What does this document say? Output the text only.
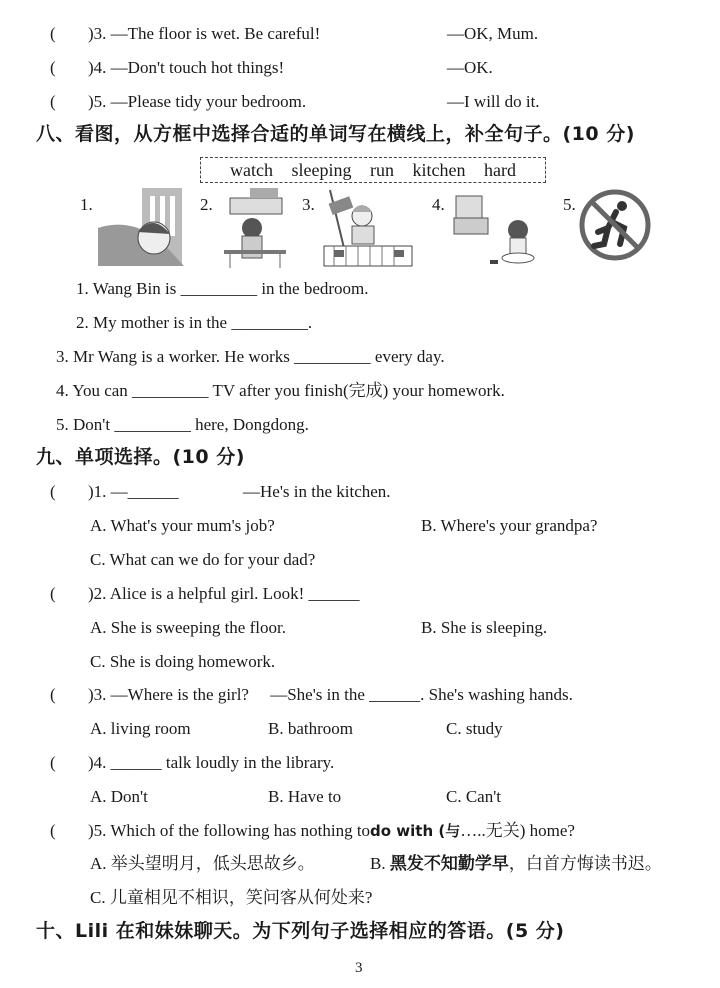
( )3. —The floor is wet. Be careful!	—OK, Mum.
( )4. —Don't touch hot things!	—OK.
( )5. —Please tidy your bedroom.	—I will do it.
八、看图，从方框中选择合适的单词写在横线上，补全句子。(10 分)
watch sleeping run kitchen hard
1.	2.	3.	4.	5.
1. Wang Bin is _________ in the bedroom.
2. My mother is in the _________.
3. Mr Wang is a worker. He works _________ every day.
4. You can _________ TV after you finish(完成) your homework.
5. Don't _________ here, Dongdong.
九、单项选择。(10 分)
( )1. —______	—He's in the kitchen.
A. What's your mum's job?	B. Where's your grandpa?
C. What can we do for your dad?
( )2. Alice is a helpful girl. Look! ______
A. She is sweeping the floor.	B. She is sleeping.
C. She is doing homework.
( )3. —Where is the girl?     —She's in the ______. She's washing hands.
A. living room	B. bathroom	C. study
( )4. ______ talk loudly in the library.
A. Don't	B. Have to	C. Can't
( )5. Which of the following has nothing todo with (与…..无关) home?
A. 举头望明月，低头思故乡。	B. 黑发不知勤学早，白首方悔读书迟。
C. 儿童相见不相识，笑问客从何处来?
十、Lili 在和妹妹聊天。为下列句子选择相应的答语。(5 分)
3
